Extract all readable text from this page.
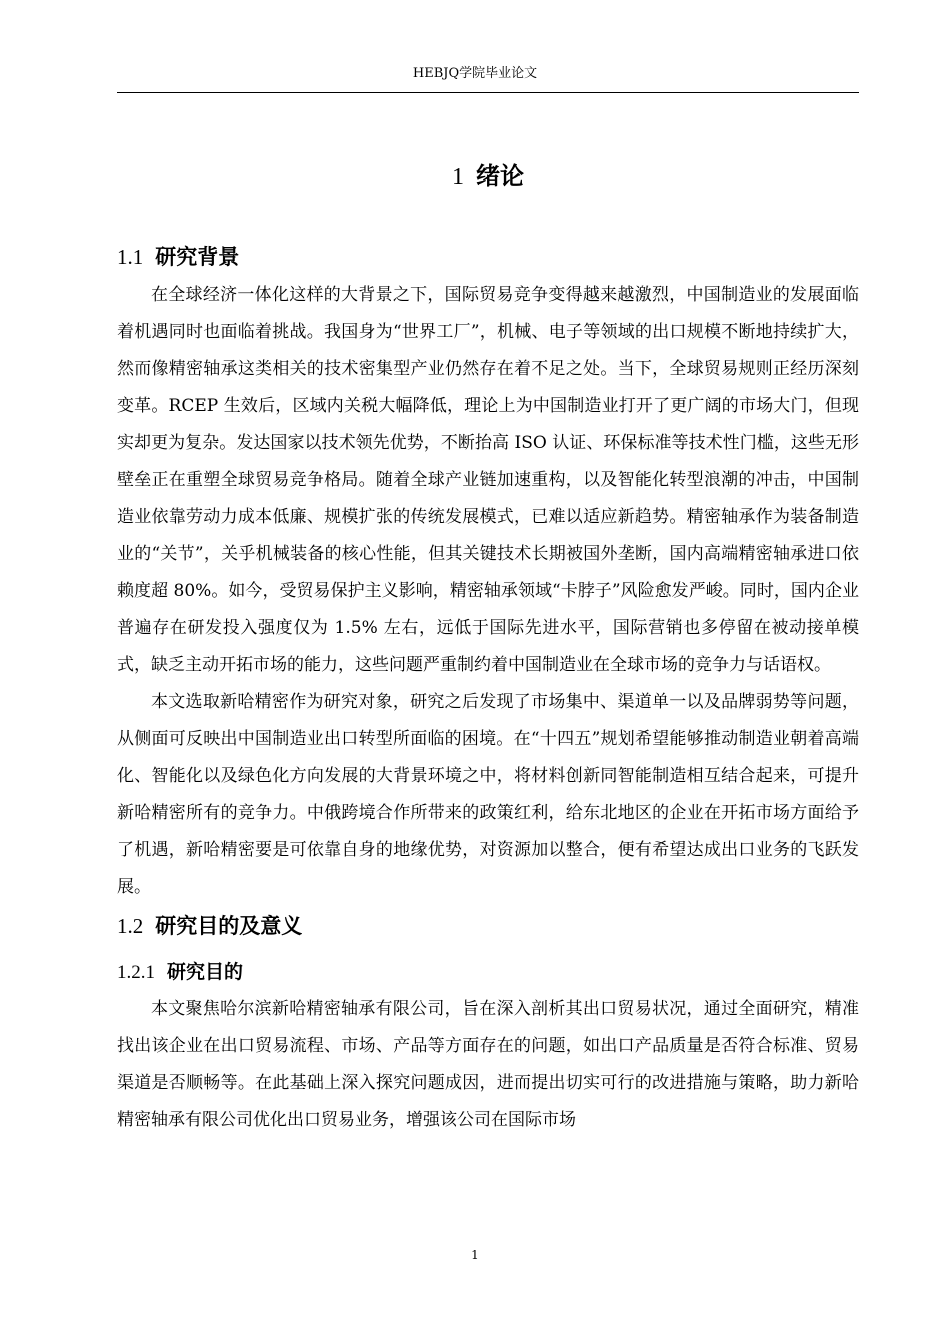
HEBJQ学院毕业论文
1 绪论
1.1 研究背景

在全球经济一体化这样的大背景之下，国际贸易竞争变得越来越激烈，中国制造业的发展面临着机遇同时也面临着挑战。我国身为“世界工厂”，机械、电子等领域的出口规模不断地持续扩大，然而像精密轴承这类相关的技术密集型产业仍然存在着不足之处。当下，全球贸易规则正经历深刻变革。RCEP 生效后，区域内关税大幅降低，理论上为中国制造业打开了更广阔的市场大门，但现实却更为复杂。发达国家以技术领先优势，不断抬高 ISO 认证、环保标准等技术性门槛，这些无形壁垒正在重塑全球贸易竞争格局。随着全球产业链加速重构，以及智能化转型浪潮的冲击，中国制造业依靠劳动力成本低廉、规模扩张的传统发展模式，已难以适应新趋势。精密轴承作为装备制造业的“关节”，关乎机械装备的核心性能，但其关键技术长期被国外垄断，国内高端精密轴承进口依赖度超 80%。如今，受贸易保护主义影响，精密轴承领域“卡脖子”风险愈发严峻。同时，国内企业普遍存在研发投入强度仅为 1.5% 左右，远低于国际先进水平，国际营销也多停留在被动接单模式，缺乏主动开拓市场的能力，这些问题严重制约着中国制造业在全球市场的竞争力与话语权。

本文选取新哈精密作为研究对象，研究之后发现了市场集中、渠道单一以及品牌弱势等问题，从侧面可反映出中国制造业出口转型所面临的困境。在“十四五”规划希望能够推动制造业朝着高端化、智能化以及绿色化方向发展的大背景环境之中，将材料创新同智能制造相互结合起来，可提升新哈精密所有的竞争力。中俄跨境合作所带来的政策红利，给东北地区的企业在开拓市场方面给予了机遇，新哈精密要是可依靠自身的地缘优势，对资源加以整合，便有希望达成出口业务的飞跃发展。

1.2 研究目的及意义
1.2.1 研究目的

本文聚焦哈尔滨新哈精密轴承有限公司，旨在深入剖析其出口贸易状况，通过全面研究，精准找出该企业在出口贸易流程、市场、产品等方面存在的问题，如出口产品质量是否符合标准、贸易渠道是否顺畅等。在此基础上深入探究问题成因，进而提出切实可行的改进措施与策略，助力新哈精密轴承有限公司优化出口贸易业务，增强该公司在国际市场

1
